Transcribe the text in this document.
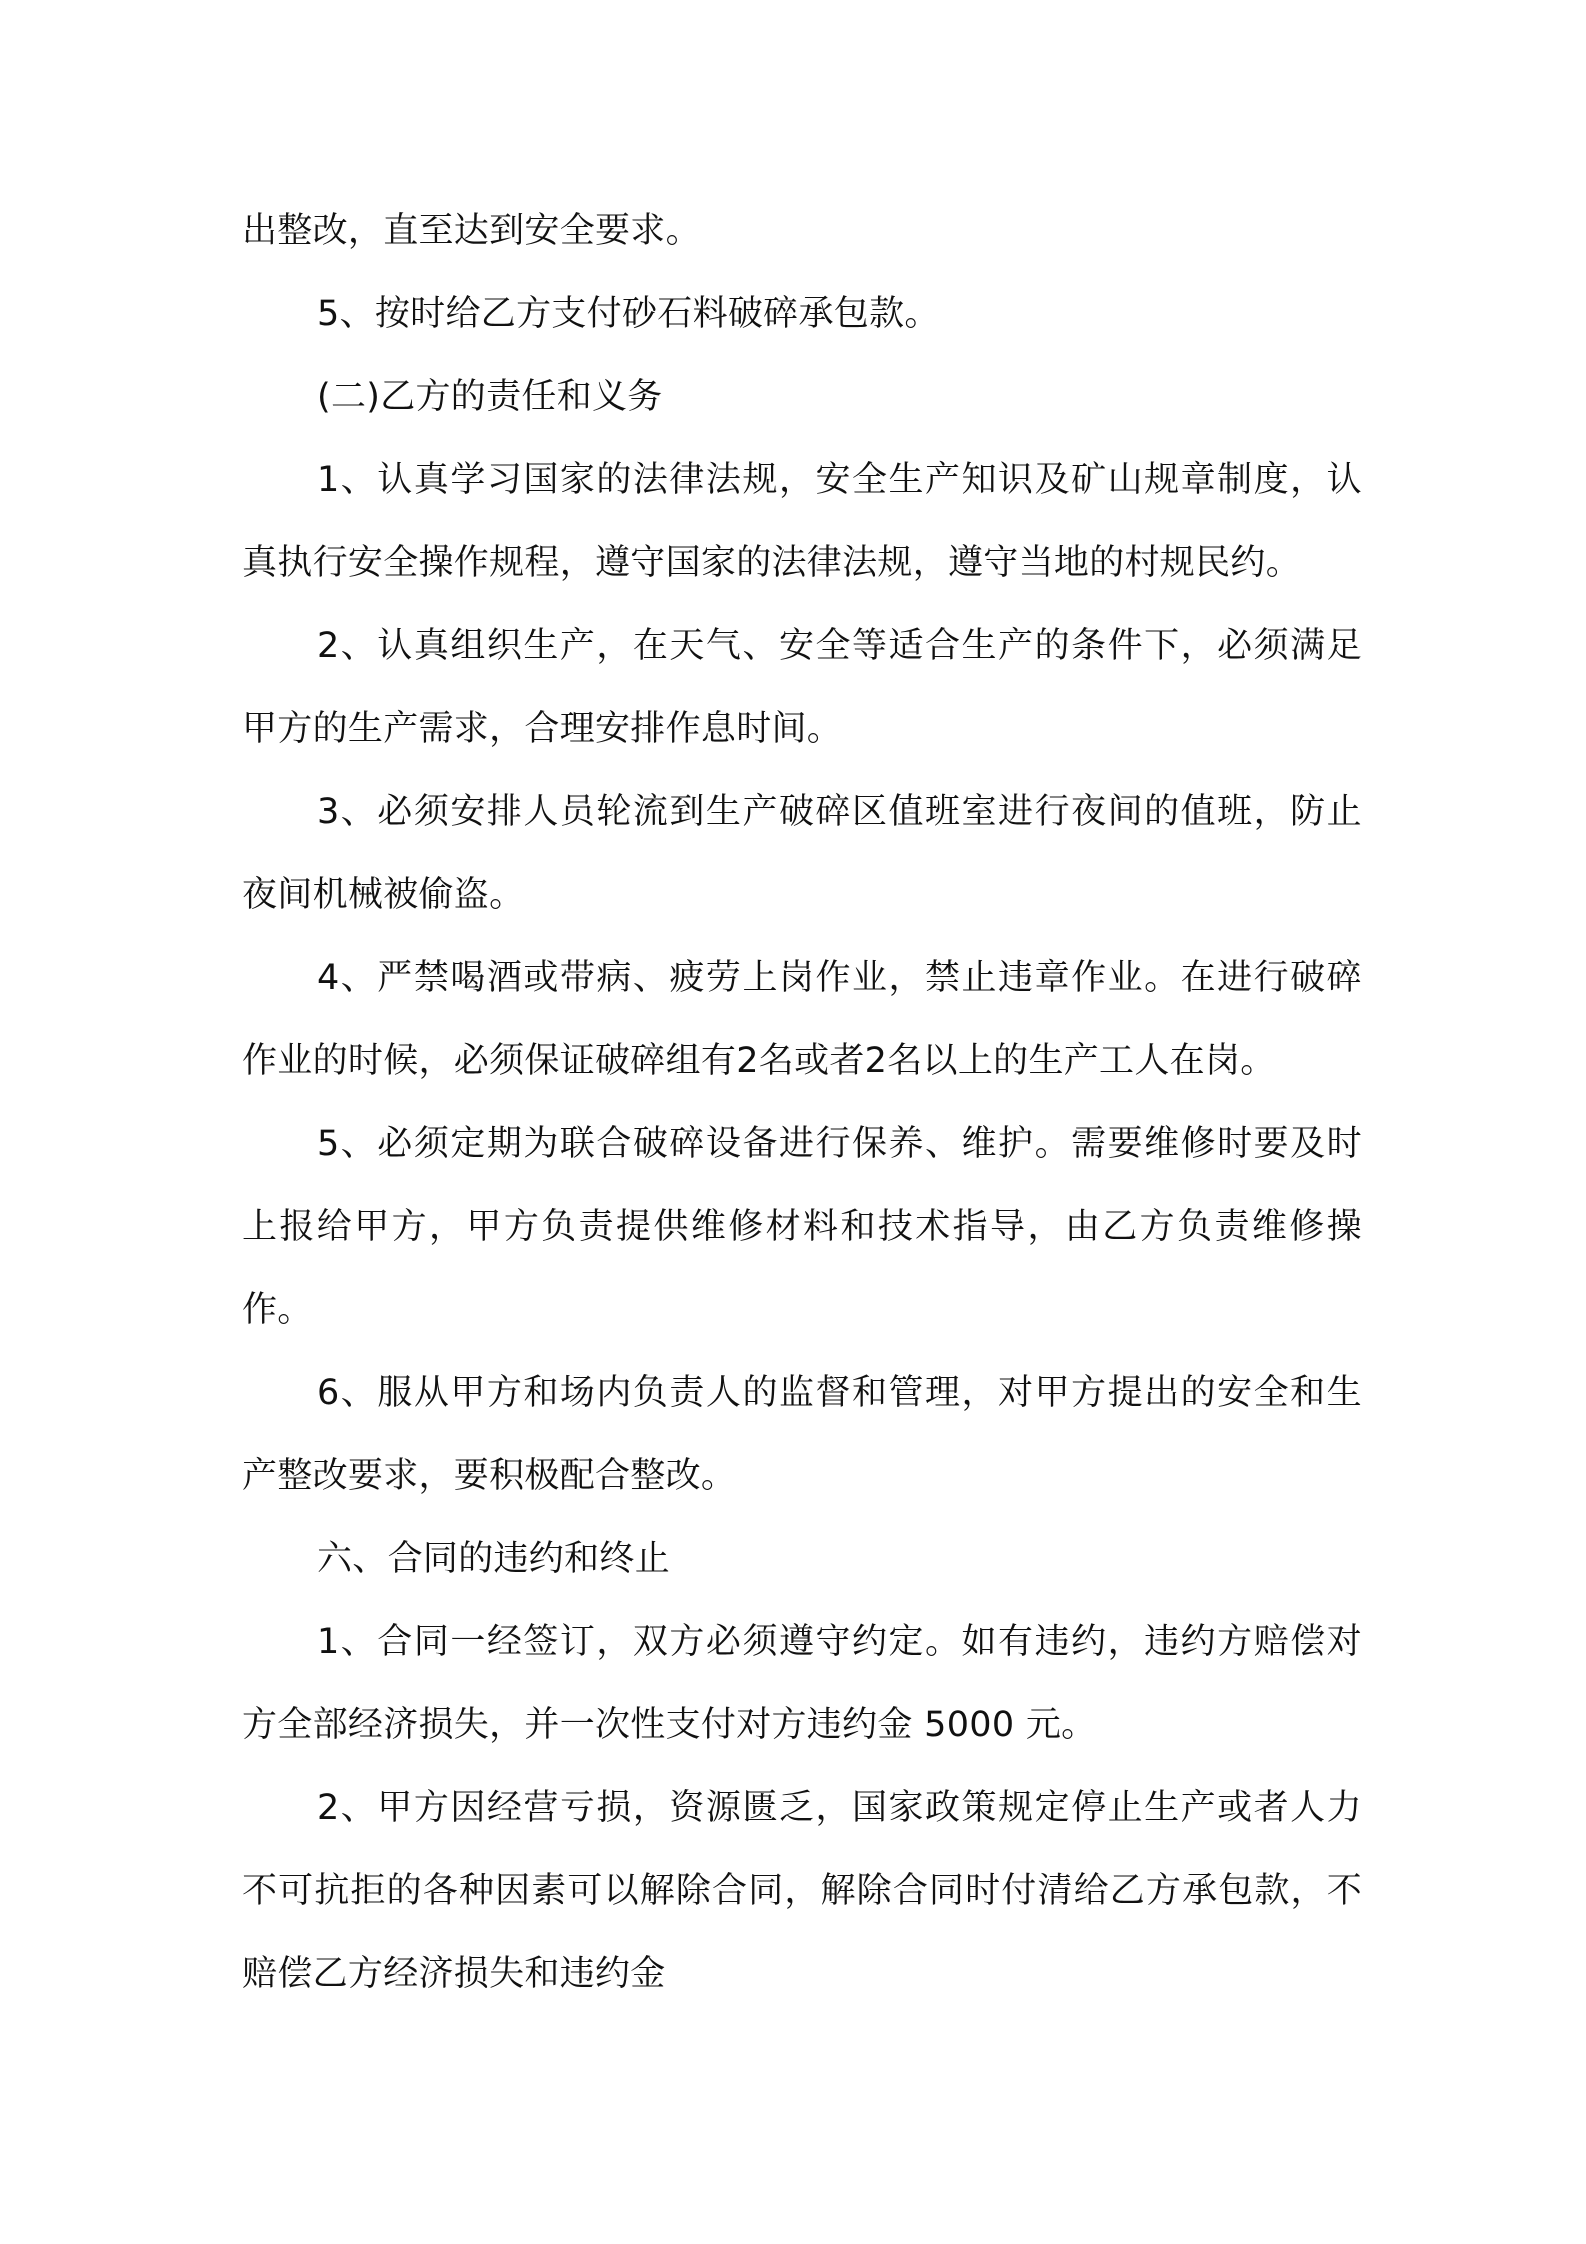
出整改，直至达到安全要求。

5、按时给乙方支付砂石料破碎承包款。

(二)乙方的责任和义务

1、认真学习国家的法律法规，安全生产知识及矿山规章制度，认真执行安全操作规程，遵守国家的法律法规，遵守当地的村规民约。

2、认真组织生产，在天气、安全等适合生产的条件下，必须满足甲方的生产需求，合理安排作息时间。

3、必须安排人员轮流到生产破碎区值班室进行夜间的值班，防止夜间机械被偷盗。

4、严禁喝酒或带病、疲劳上岗作业，禁止违章作业。在进行破碎作业的时候，必须保证破碎组有2名或者2名以上的生产工人在岗。

5、必须定期为联合破碎设备进行保养、维护。需要维修时要及时上报给甲方，甲方负责提供维修材料和技术指导，由乙方负责维修操作。

6、服从甲方和场内负责人的监督和管理，对甲方提出的安全和生产整改要求，要积极配合整改。

六、合同的违约和终止

1、合同一经签订，双方必须遵守约定。如有违约，违约方赔偿对方全部经济损失，并一次性支付对方违约金 5000 元。

2、甲方因经营亏损，资源匮乏，国家政策规定停止生产或者人力不可抗拒的各种因素可以解除合同，解除合同时付清给乙方承包款，不赔偿乙方经济损失和违约金
